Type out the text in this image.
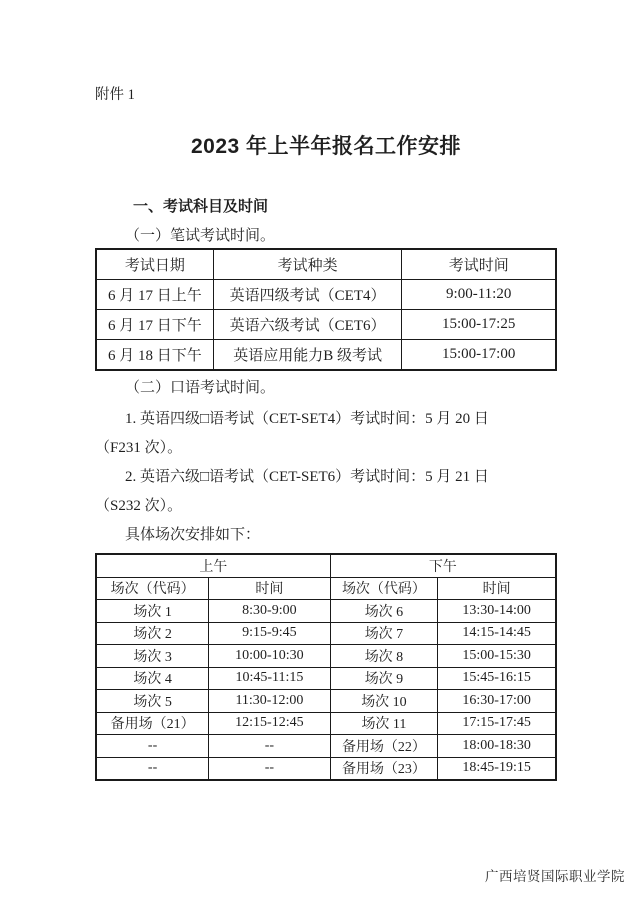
附件 1
2023 年上半年报名工作安排
一、考试科目及时间
（一）笔试考试时间。
考试日期	考试种类	考试时间
6 月 17 日上午	英语四级考试（CET4）	9:00-11:20
6 月 17 日下午	英语六级考试（CET6）	15:00-17:25
6 月 18 日下午	英语应用能力B 级考试	15:00-17:00
（二）口语考试时间。
1. 英语四级□语考试（CET-SET4）考试时间：5 月 20 日
（F231 次）。
2. 英语六级□语考试（CET-SET6）考试时间：5 月 21 日
（S232 次）。
具体场次安排如下：
上午		下午	
场次（代码）	时间	场次（代码）	时间
场次 1	8:30-9:00	场次 6	13:30-14:00
场次 2	9:15-9:45	场次 7	14:15-14:45
场次 3	10:00-10:30	场次 8	15:00-15:30
场次 4	10:45-11:15	场次 9	15:45-16:15
场次 5	11:30-12:00	场次 10	16:30-17:00
备用场（21）	12:15-12:45	场次 11	17:15-17:45
--	--	备用场（22）	18:00-18:30
--	--	备用场（23）	18:45-19:15
广西培贤国际职业学院
